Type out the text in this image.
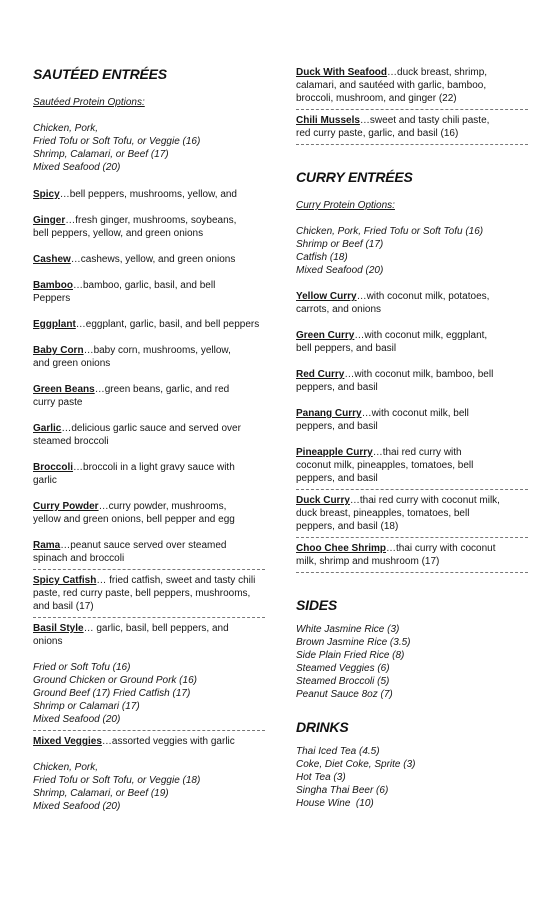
SAUTÉED ENTRÉES

Sautéed Protein Options:

Chicken, Pork,

Fried Tofu or Soft Tofu, or Veggie (16)

Shrimp, Calamari, or Beef (17)

Mixed Seafood (20)

Spicy…bell peppers, mushrooms, yellow, and

Ginger…fresh ginger, mushrooms, soybeans,

bell peppers, yellow, and green onions

Cashew…cashews, yellow, and green onions

Bamboo…bamboo, garlic, basil, and bell

Peppers

Eggplant…eggplant, garlic, basil, and bell peppers

Baby Corn…baby corn, mushrooms, yellow,

and green onions

Green Beans…green beans, garlic, and red

curry paste

Garlic…delicious garlic sauce and served over

steamed broccoli

Broccoli…broccoli in a light gravy sauce with

garlic

Curry Powder…curry powder, mushrooms,

yellow and green onions, bell pepper and egg

Rama…peanut sauce served over steamed

spinach and broccoli

Spicy Catfish… fried catfish, sweet and tasty chili

paste, red curry paste, bell peppers, mushrooms,

and basil (17)

Basil Style… garlic, basil, bell peppers, and

onions

Fried or Soft Tofu (16)

Ground Chicken or Ground Pork (16)

Ground Beef (17) Fried Catfish (17)

Shrimp or Calamari (17)

Mixed Seafood (20)

Mixed Veggies…assorted veggies with garlic

Chicken, Pork,

Fried Tofu or Soft Tofu, or Veggie (18)

Shrimp, Calamari, or Beef (19)

Mixed Seafood (20)

Duck With Seafood…duck breast, shrimp,

calamari, and sautéed with garlic, bamboo,

broccoli, mushroom, and ginger (22)

Chili Mussels…sweet and tasty chili paste,

red curry paste, garlic, and basil (16)

CURRY ENTRÉES

Curry Protein Options:

Chicken, Pork, Fried Tofu or Soft Tofu (16)

Shrimp or Beef (17)

Catfish (18)

Mixed Seafood (20)

Yellow Curry…with coconut milk, potatoes,

carrots, and onions

Green Curry…with coconut milk, eggplant,

bell peppers, and basil

Red Curry…with coconut milk, bamboo, bell

peppers, and basil

Panang Curry…with coconut milk, bell

peppers, and basil

Pineapple Curry…thai red curry with

coconut milk, pineapples, tomatoes, bell

peppers, and basil

Duck Curry…thai red curry with coconut milk,

duck breast, pineapples, tomatoes, bell

peppers, and basil (18)

Choo Chee Shrimp…thai curry with coconut

milk, shrimp and mushroom (17)

SIDES

White Jasmine Rice (3)

Brown Jasmine Rice (3.5)

Side Plain Fried Rice (8)

Steamed Veggies (6)

Steamed Broccoli (5)

Peanut Sauce 8oz (7)

DRINKS

Thai Iced Tea (4.5)

Coke, Diet Coke, Sprite (3)

Hot Tea (3)

Singha Thai Beer (6)

House Wine  (10)
